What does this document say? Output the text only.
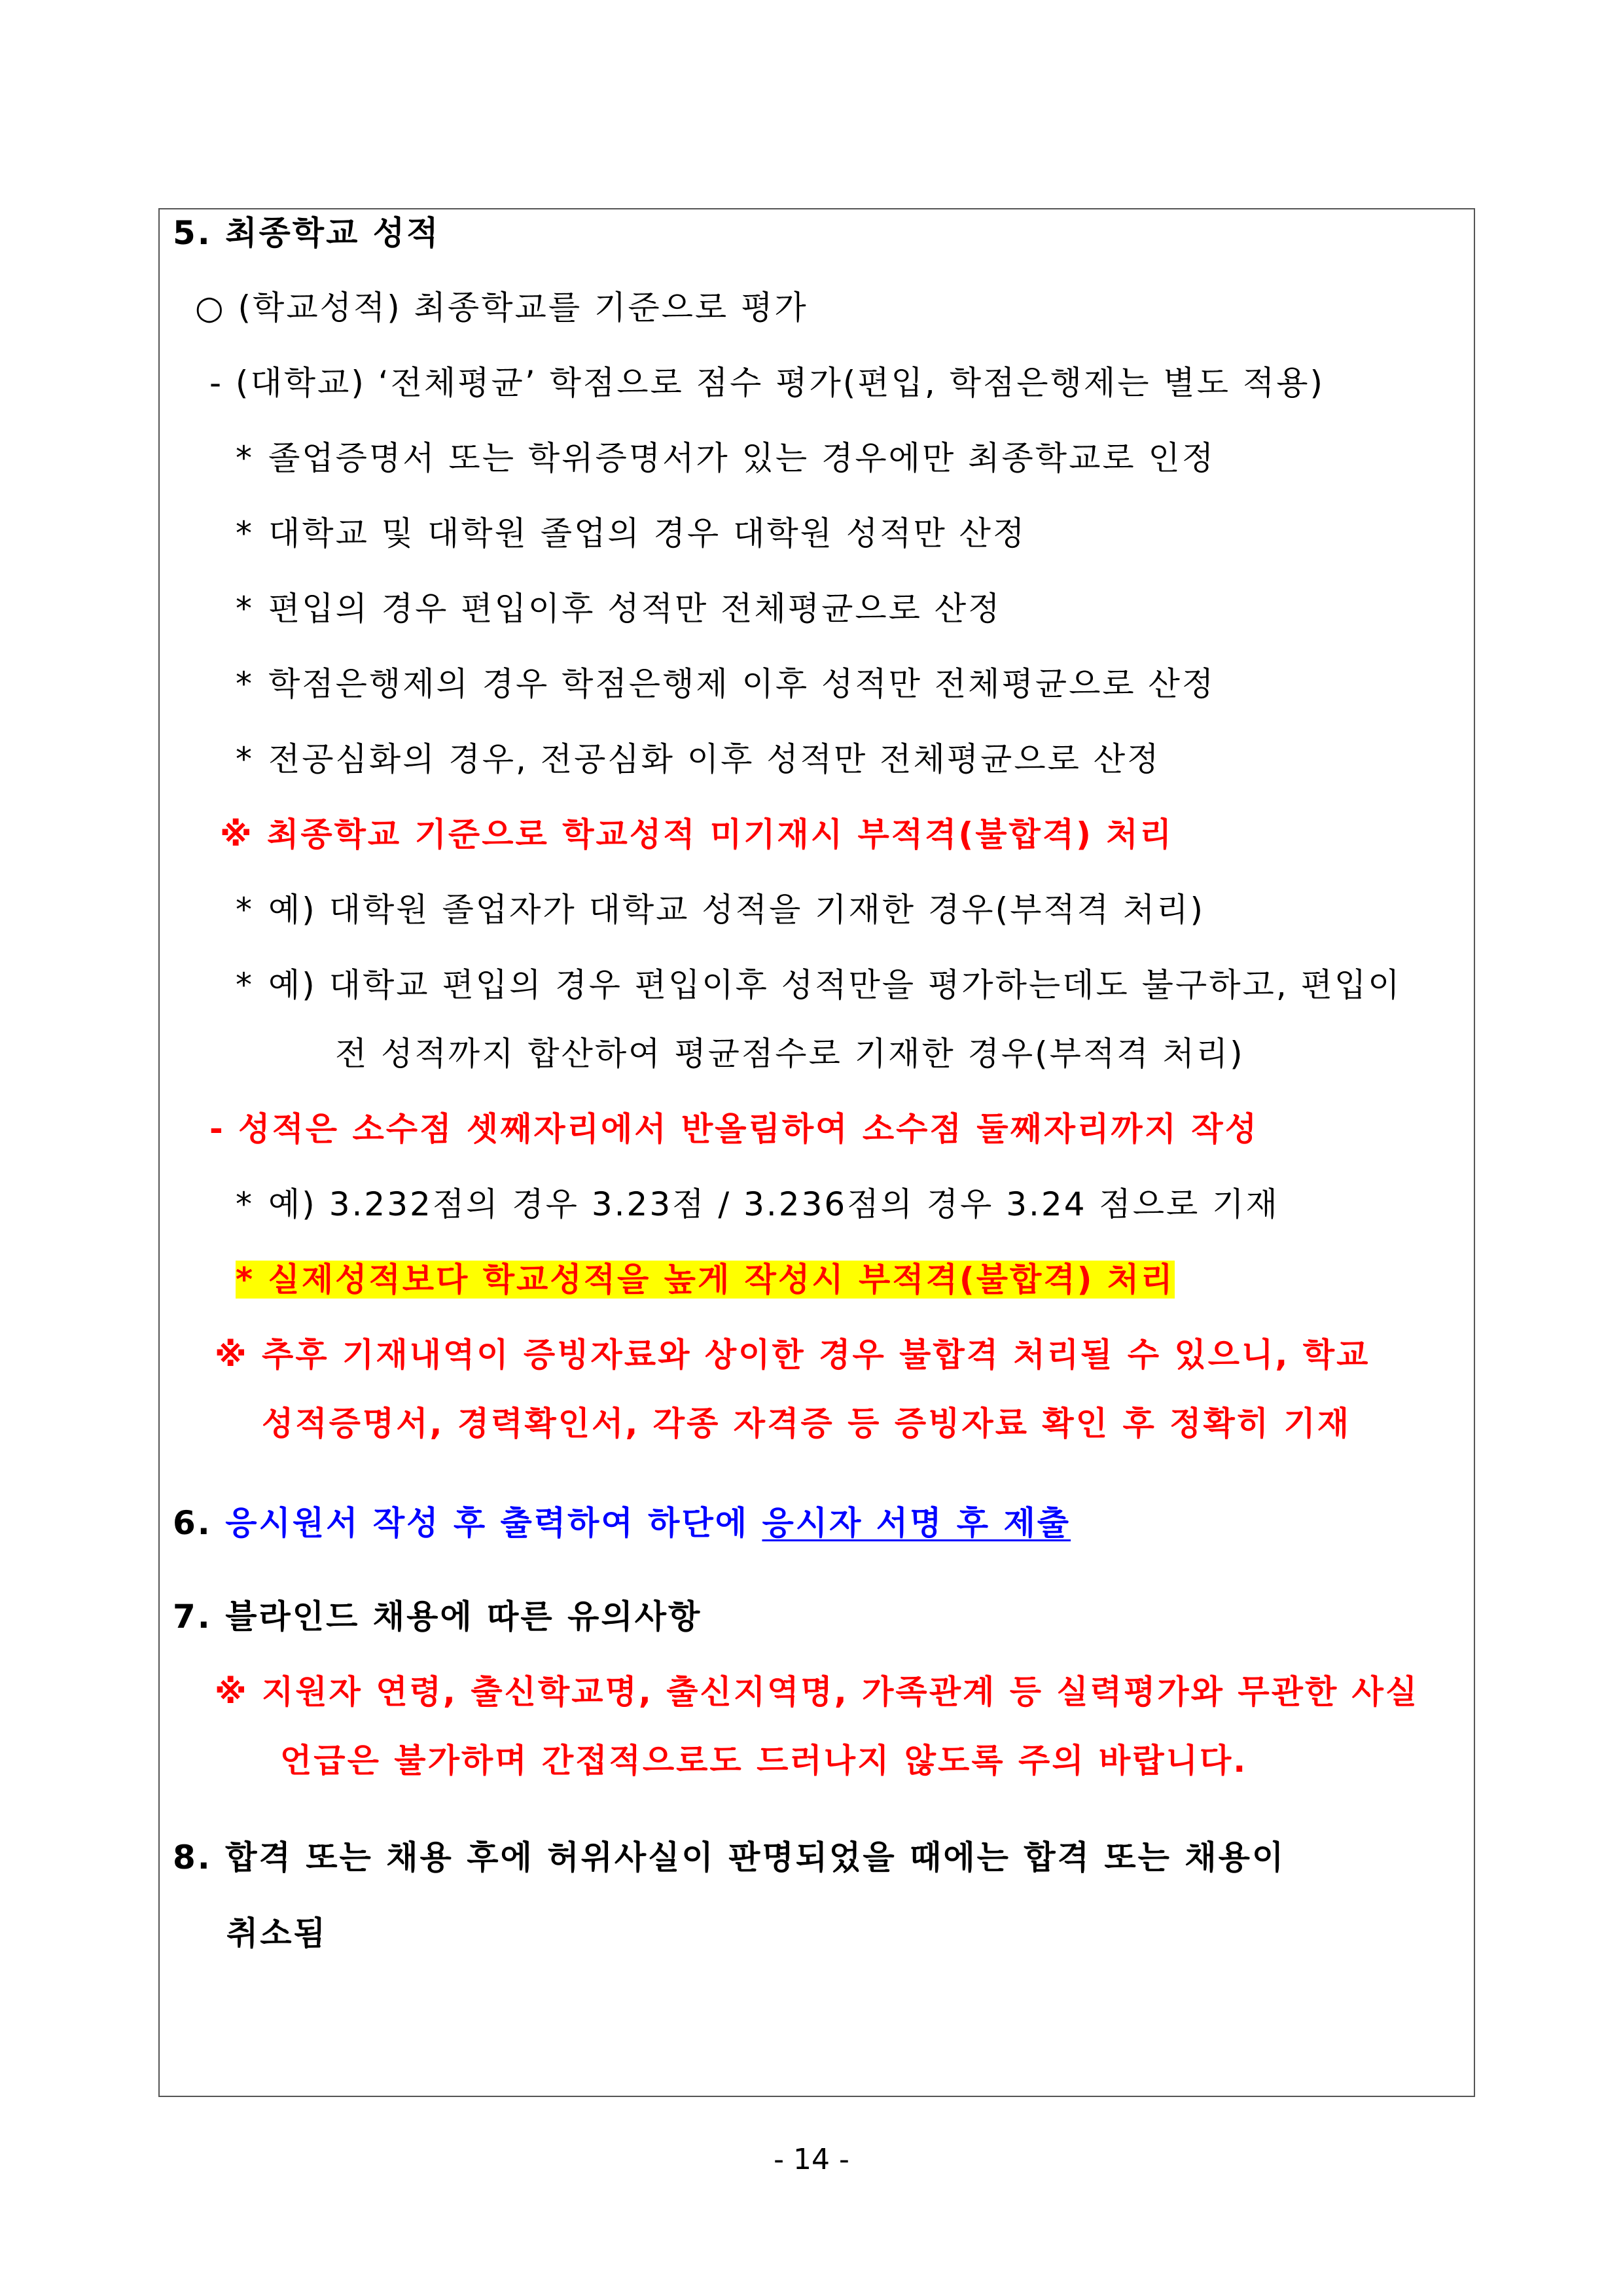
5. 최종학교 성적
○ (학교성적) 최종학교를 기준으로 평가
- (대학교) ‘전체평균’ 학점으로 점수 평가(편입, 학점은행제는 별도 적용)
* 졸업증명서 또는 학위증명서가 있는 경우에만 최종학교로 인정
* 대학교 및 대학원 졸업의 경우 대학원 성적만 산정
* 편입의 경우 편입이후 성적만 전체평균으로 산정
* 학점은행제의 경우 학점은행제 이후 성적만 전체평균으로 산정
* 전공심화의 경우, 전공심화 이후 성적만 전체평균으로 산정
※ 최종학교 기준으로 학교성적 미기재시 부적격(불합격) 처리
* 예) 대학원 졸업자가 대학교 성적을 기재한 경우(부적격 처리)
* 예) 대학교 편입의 경우 편입이후 성적만을 평가하는데도 불구하고, 편입이
전 성적까지 합산하여 평균점수로 기재한 경우(부적격 처리)
- 성적은 소수점 셋째자리에서 반올림하여 소수점 둘째자리까지 작성
* 예) 3.232점의 경우 3.23점 / 3.236점의 경우 3.24 점으로 기재
* 실제성적보다 학교성적을 높게 작성시 부적격(불합격) 처리
※ 추후 기재내역이 증빙자료와 상이한 경우 불합격 처리될 수 있으니, 학교
성적증명서, 경력확인서, 각종 자격증 등 증빙자료 확인 후 정확히 기재
6. 응시원서 작성 후 출력하여 하단에 응시자 서명 후 제출
7. 블라인드 채용에 따른 유의사항
※ 지원자 연령, 출신학교명, 출신지역명, 가족관계 등 실력평가와 무관한 사실
언급은 불가하며 간접적으로도 드러나지 않도록 주의 바랍니다.
8. 합격 또는 채용 후에 허위사실이 판명되었을 때에는 합격 또는 채용이
취소됨
- 14 -
